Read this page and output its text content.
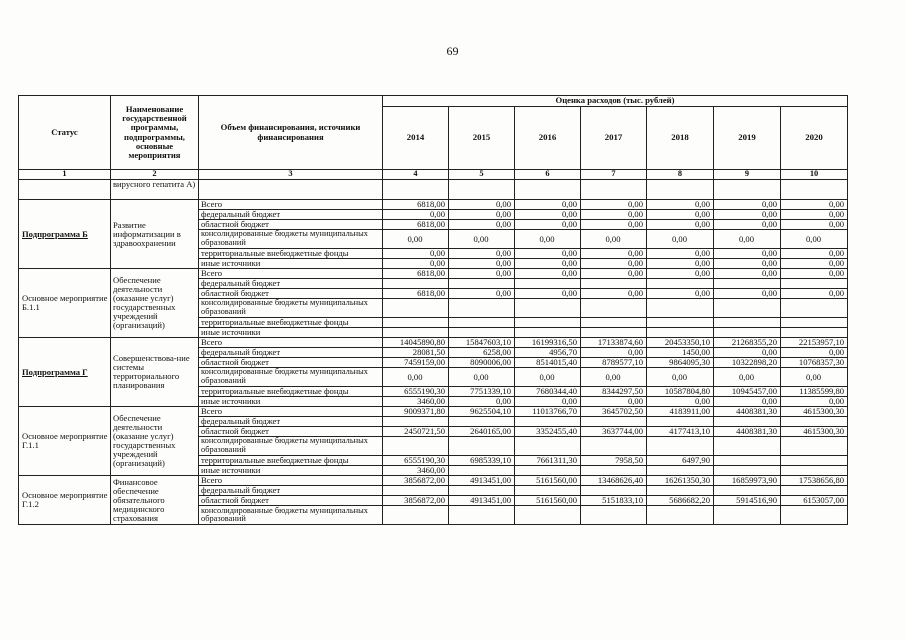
69
Статус	Наименование государственной программы, подпрограммы, основные мероприятия	Объем финансирования, источники финансирования	Оценка расходов (тыс. рублей)						
			2014	2015	2016	2017	2018	2019	2020
1	2	3	4	5	6	7	8	9	10
	вирусного гепатита А)								
Подпрограмма Б	Развитие информатизации в здравоохранении	Всего	6818,00	0,00	0,00	0,00	0,00	0,00	0,00
		федеральный бюджет	0,00	0,00	0,00	0,00	0,00	0,00	0,00
		областной бюджет	6818,00	0,00	0,00	0,00	0,00	0,00	0,00
		консолидированные бюджеты муниципальных образований	0,00	0,00	0,00	0,00	0,00	0,00	0,00
		территориальные внебюджетные фонды	0,00	0,00	0,00	0,00	0,00	0,00	0,00
		иные источники	0,00	0,00	0,00	0,00	0,00	0,00	0,00
Основное мероприятие Б.1.1	Обеспечение деятельности (оказание услуг) государственных учреждений (организаций)	Всего	6818,00	0,00	0,00	0,00	0,00	0,00	0,00
		федеральный бюджет							
		областной бюджет	6818,00	0,00	0,00	0,00	0,00	0,00	0,00
		консолидированные бюджеты муниципальных образований							
		территориальные внебюджетные фонды							
		иные источники							
Подпрограмма Г	Совершенствова-ние системы территориального планирования	Всего	14045890,80	15847603,10	16199316,50	17133874,60	20453350,10	21268355,20	22153957,10
		федеральный бюджет	28081,50	6258,00	4956,70	0,00	1450,00	0,00	0,00
		областной бюджет	7459159,00	8090006,00	8514015,40	8789577,10	9864095,30	10322898,20	10768357,30
		консолидированные бюджеты муниципальных образований	0,00	0,00	0,00	0,00	0,00	0,00	0,00
		территориальные внебюджетные фонды	6555190,30	7751339,10	7680344,40	8344297,50	10587804,80	10945457,00	11385599,80
		иные источники	3460,00	0,00	0,00	0,00	0,00	0,00	0,00
Основное мероприятие Г.1.1	Обеспечение деятельности (оказание услуг) государственных учреждений (организаций)	Всего	9009371,80	9625504,10	11013766,70	3645702,50	4183911,00	4408381,30	4615300,30
		федеральный бюджет							
		областной бюджет	2450721,50	2640165,00	3352455,40	3637744,00	4177413,10	4408381,30	4615300,30
		консолидированные бюджеты муниципальных образований							
		территориальные внебюджетные фонды	6555190,30	6985339,10	7661311,30	7958,50	6497,90		
		иные источники	3460,00						
Основное мероприятие Г.1.2	Финансовое обеспечение обязательного медицинского страхования	Всего	3856872,00	4913451,00	5161560,00	13468626,40	16261350,30	16859973,90	17538656,80
		федеральный бюджет							
		областной бюджет	3856872,00	4913451,00	5161560,00	5151833,10	5686682,20	5914516,90	6153057,00
		консолидированные бюджеты муниципальных образований							
